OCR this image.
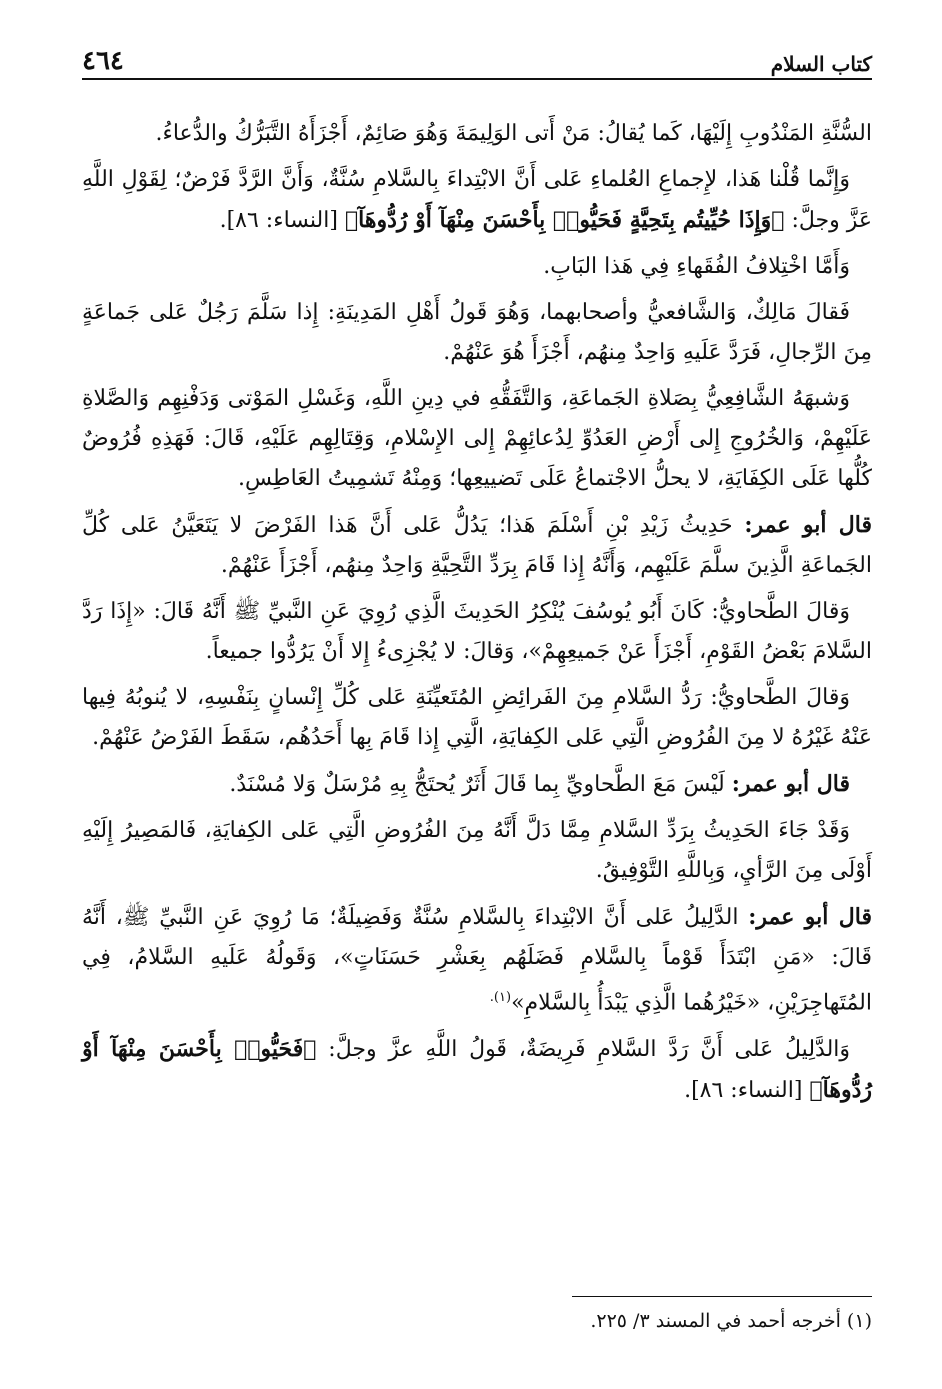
كتاب السلام
٤٦٤

السُّنَّةِ المَنْدُوبِ إِلَيْهَا، كَما يُقالُ: مَنْ أَتى الوَلِيمَةَ وَهُوَ صَائِمٌ، أَجْزَأَهُ التَّبَرُّكُ والدُّعاءُ.

وَإِنَّما قُلْنا هَذا، لإِجماعِ العُلماءِ عَلى أَنَّ الابْتِداءَ بِالسَّلامِ سُنَّةٌ، وَأَنَّ الرَّدَّ فَرْضٌ؛ لِقَوْلِ اللَّهِ عَزَّ وجلَّ: ﴿وَإِذَا حُيِّيتُم بِتَحِيَّةٍ فَحَيُّوا۟ بِأَحْسَنَ مِنْهَآ أَوْ رُدُّوهَآ﴾ [النساء: ٨٦].

وَأَمَّا اخْتِلافُ الفُقَهاءِ فِي هَذا البَابِ.

فَقالَ مَالِكٌ، وَالشَّافعيُّ وأصحابهما، وَهُوَ قَولُ أَهْلِ المَدِينَةِ: إِذا سَلَّمَ رَجُلٌ عَلى جَماعَةٍ مِنَ الرِّجالِ، فَرَدَّ عَلَيهِ وَاحِدٌ مِنهُم، أَجْزَأَ هُوَ عَنْهُمْ.

وَشبهَهُ الشَّافِعِيُّ بِصَلاةِ الجَماعَةِ، وَالتَّفَقُّهِ في دِينِ اللَّهِ، وَغَسْلِ المَوْتى وَدَفْنِهِم وَالصَّلاةِ عَلَيْهِمْ، وَالخُرُوجِ إِلى أَرْضِ العَدُوِّ لِدُعائِهِمْ إِلى الإِسْلامِ، وَقِتَالِهِم عَلَيْهِ، قَالَ: فَهَذِهِ فُرُوضٌ كُلُّها عَلَى الكِفَايَةِ، لا يحلُّ الاجْتماعُ عَلَى تَضييعِها؛ وَمِنْهُ تَشمِيتُ العَاطِسِ.

قال أبو عمر: حَدِيثُ زَيْدِ بْنِ أَسْلَمَ هَذا؛ يَدُلُّ عَلى أَنَّ هَذا الفَرْضَ لا يَتَعَيَّنُ عَلى كُلِّ الجَماعَةِ الَّذِينَ سلَّمَ عَلَيْهِم، وَأَنَّهُ إِذا قَامَ بِرَدِّ التَّحِيَّةِ وَاحِدٌ مِنهُم، أَجْزَأَ عَنْهُمْ.

وَقالَ الطَّحاويُّ: كَانَ أَبُو يُوسُفَ يُنْكِرُ الحَدِيثَ الَّذِي رُوِيَ عَنِ النَّبيِّ ﷺ أَنَّهُ قَالَ: «إِذَا رَدَّ السَّلامَ بَعْضُ القَوْمِ، أَجْزَأَ عَنْ جَميعِهِمْ»، وَقالَ: لا يُجْزِىءُ إِلا أَنْ يَرُدُّوا جميعاً.

وَقالَ الطَّحاويُّ: رَدُّ السَّلامِ مِنَ الفَرائِضِ المُتَعيِّنَةِ عَلى كُلِّ إِنْسانٍ بِنَفْسِهِ، لا يُنوبُهُ فِيها عَنْهُ غَيْرُهُ لا مِنَ الفُرُوضِ الَّتِي عَلى الكِفايَةِ، الَّتِي إِذا قَامَ بِها أَحَدُهُم، سَقَطَ الفَرْضُ عَنْهُمْ.

قال أبو عمر: لَيْسَ مَعَ الطَّحاويِّ بِما قَالَ أَثَرٌ يُحتَجُّ بِهِ مُرْسَلٌ وَلا مُسْنَدٌ.

وَقَدْ جَاءَ الحَدِيثُ بِرَدِّ السَّلامِ مِمَّا دَلَّ أَنَّهُ مِنَ الفُرُوضِ الَّتِي عَلى الكِفايَةِ، فَالمَصِيرُ إِلَيْهِ أَوْلَى مِنَ الرَّأيِ، وَبِاللَّهِ التَّوْفِيقُ.

قال أبو عمر: الدَّلِيلُ عَلى أَنَّ الابْتِداءَ بِالسَّلامِ سُنَّةٌ وَفَضِيلَةٌ؛ مَا رُوِيَ عَنِ النَّبيِّ ﷺ، أَنَّهُ قَالَ: «مَنِ ابْتَدَأَ قَوْماً بِالسَّلامِ فَضَلَهُم بِعَشْرِ حَسَنَاتٍ»، وَقَولُهُ عَلَيهِ السَّلامُ، فِي المُتَهاجِرَيْنِ، «خَيْرُهُما الَّذِي يَبْدَأُ بِالسَّلامِ»$^{(١).}$

وَالدَّلِيلُ عَلى أَنَّ رَدَّ السَّلامِ فَرِيضَةٌ، قَولُ اللَّهِ عزَّ وجلَّ: ﴿فَحَيُّوا۟ بِأَحْسَنَ مِنْهَآ أَوْ رُدُّوهَآ﴾ [النساء: ٨٦].

(١) أخرجه أحمد في المسند ٣/ ٢٢٥.
